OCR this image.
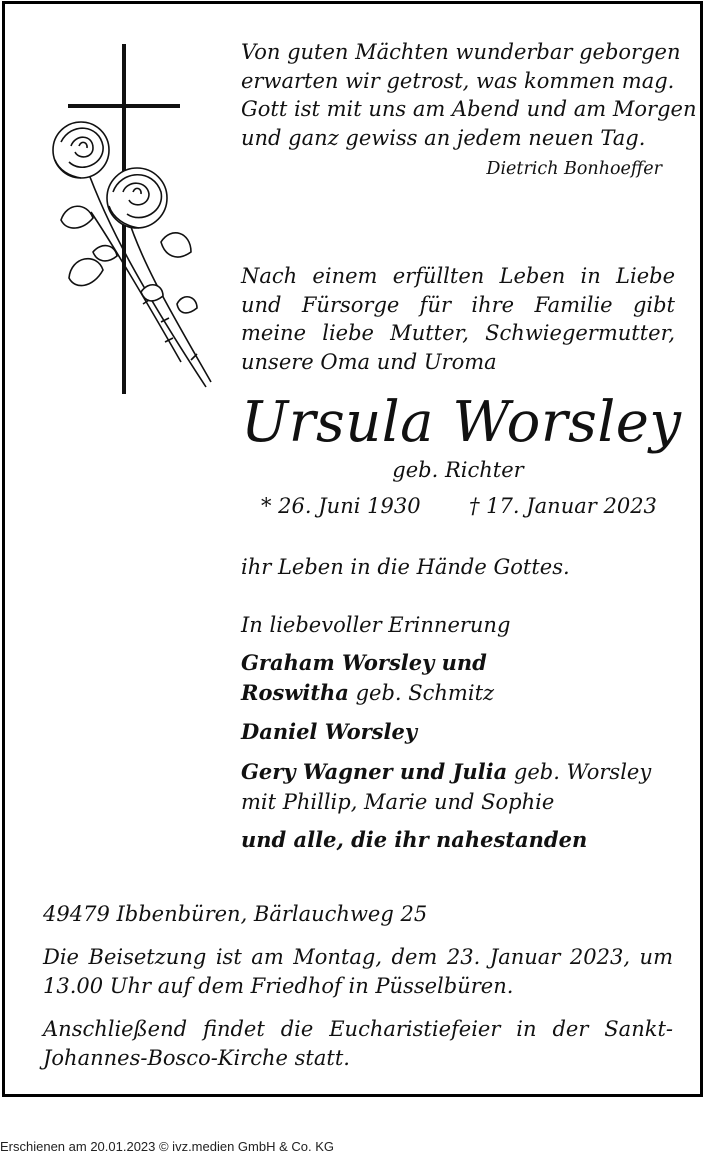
Von guten Mächten wunderbar geborgen
erwarten wir getrost, was kommen mag.
Gott ist mit uns am Abend und am Morgen
und ganz gewiss an jedem neuen Tag.
Dietrich Bonhoeffer
Nach einem erfüllten Leben in Liebe und Fürsorge für ihre Familie gibt meine liebe Mutter, Schwiegermutter, unsere Oma und Uroma
Ursula Worsley
geb. Richter
* 26. Juni 1930 † 17. Januar 2023
ihr Leben in die Hände Gottes.
In liebevoller Erinnerung
Graham Worsley und
Roswitha geb. Schmitz
Daniel Worsley
Gery Wagner und Julia geb. Worsley
mit Phillip, Marie und Sophie
und alle, die ihr nahestanden
49479 Ibbenbüren, Bärlauchweg 25
Die Beisetzung ist am Montag, dem 23. Januar 2023, um 13.00 Uhr auf dem Friedhof in Püsselbüren.
Anschließend findet die Eucharistiefeier in der Sankt-Johannes-Bosco-Kirche statt.
Erschienen am 20.01.2023 © ivz.medien GmbH & Co. KG
